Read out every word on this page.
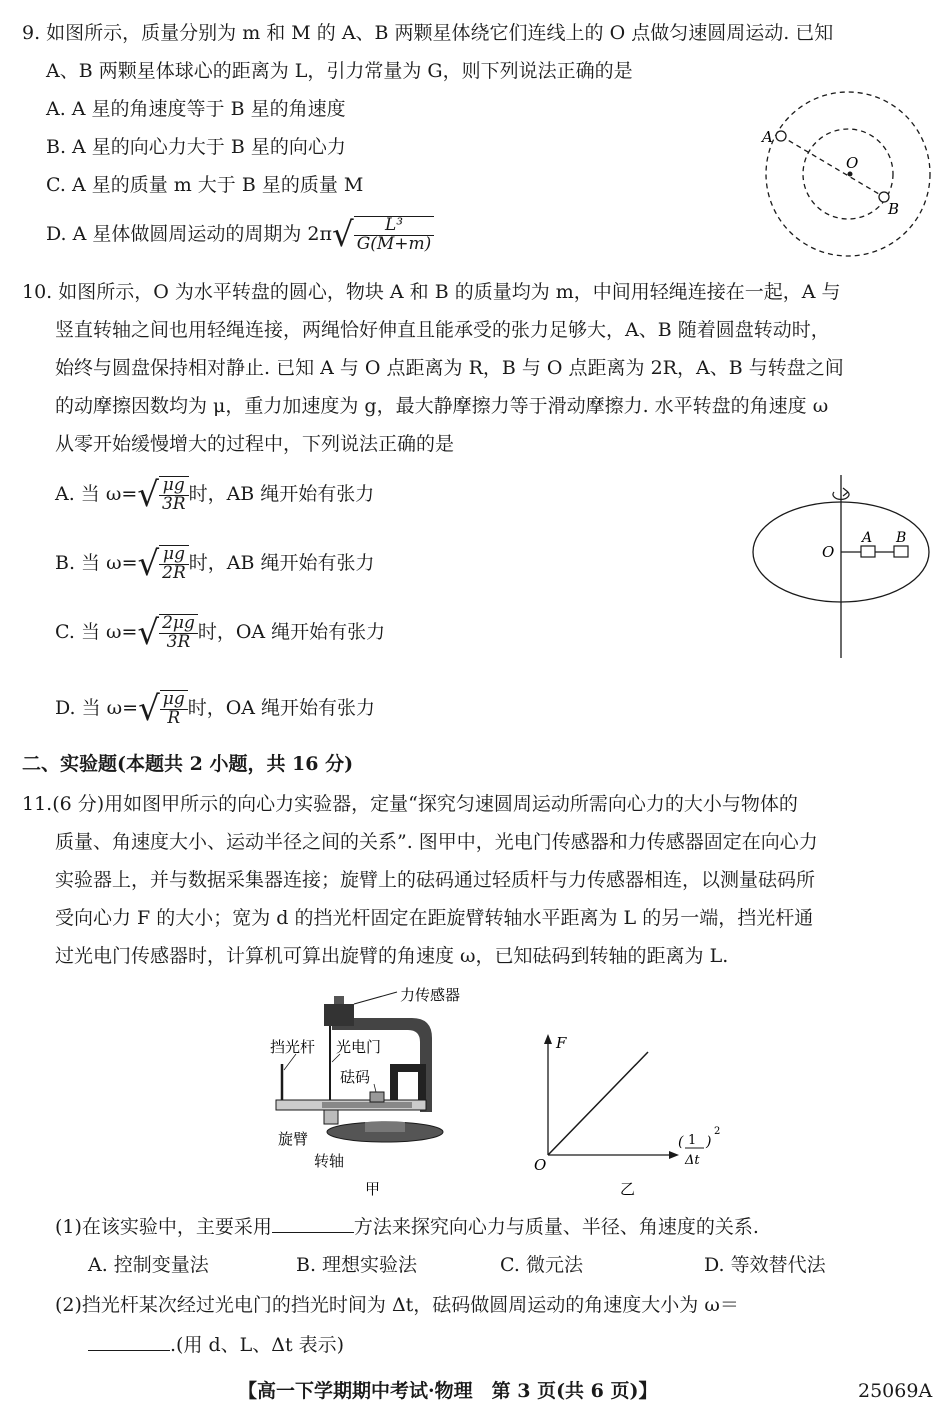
9. 如图所示，质量分别为 m 和 M 的 A、B 两颗星体绕它们连线上的 O 点做匀速圆周运动. 已知
A、B 两颗星体球心的距离为 L，引力常量为 G，则下列说法正确的是
A. A 星的角速度等于 B 星的角速度
B. A 星的向心力大于 B 星的向心力
C. A 星的质量 m 大于 B 星的质量 M
D. A 星体做圆周运动的周期为 $2\pi√ \frac{\text{L³}}{G(M+m)}$
A
O
B
10. 如图所示，O 为水平转盘的圆心，物块 A 和 B 的质量均为 m，中间用轻绳连接在一起，A 与
竖直转轴之间也用轻绳连接，两绳恰好伸直且能承受的张力足够大，A、B 随着圆盘转动时，
始终与圆盘保持相对静止. 已知 A 与 O 点距离为 R，B 与 O 点距离为 2R，A、B 与转盘之间
的动摩擦因数均为 μ，重力加速度为 g，最大静摩擦力等于滑动摩擦力. 水平转盘的角速度 ω
从零开始缓慢增大的过程中，下列说法正确的是
A. 当 $\omega=√ \frac{\mu g}{3R}$ 时，AB 绳开始有张力
B. 当 $\omega=√ \frac{\mu g}{2R}$ 时，AB 绳开始有张力
C. 当 $\omega=√ \frac{2\mu g}{3R}$ 时，OA 绳开始有张力
D. 当 $\omega=√ \frac{\mu g}{R}$ 时，OA 绳开始有张力
O
A B
二、实验题(本题共 2 小题，共 16 分)
11.(6 分)用如图甲所示的向心力实验器，定量“探究匀速圆周运动所需向心力的大小与物体的
质量、角速度大小、运动半径之间的关系”. 图甲中，光电门传感器和力传感器固定在向心力
实验器上，并与数据采集器连接；旋臂上的砝码通过轻质杆与力传感器相连，以测量砝码所
受向心力 F 的大小；宽为 d 的挡光杆固定在距旋臂转轴水平距离为 L 的另一端，挡光杆通
过光电门传感器时，计算机可算出旋臂的角速度 ω，已知砝码到转轴的距离为 L.
力传感器
挡光杆 光电门
砝码
旋臂
转轴
甲
F
O
( 1
Δt
)
2
乙
(1)在该实验中，主要采用	方法来探究向心力与质量、半径、角速度的关系.
A. 控制变量法	B. 理想实验法	C. 微元法	D. 等效替代法
(2)挡光杆某次经过光电门的挡光时间为 Δt，砝码做圆周运动的角速度大小为 ω＝
.(用 d、L、Δt 表示)
【高一下学期期中考试·物理　第 3 页(共 6 页)】	25069A
